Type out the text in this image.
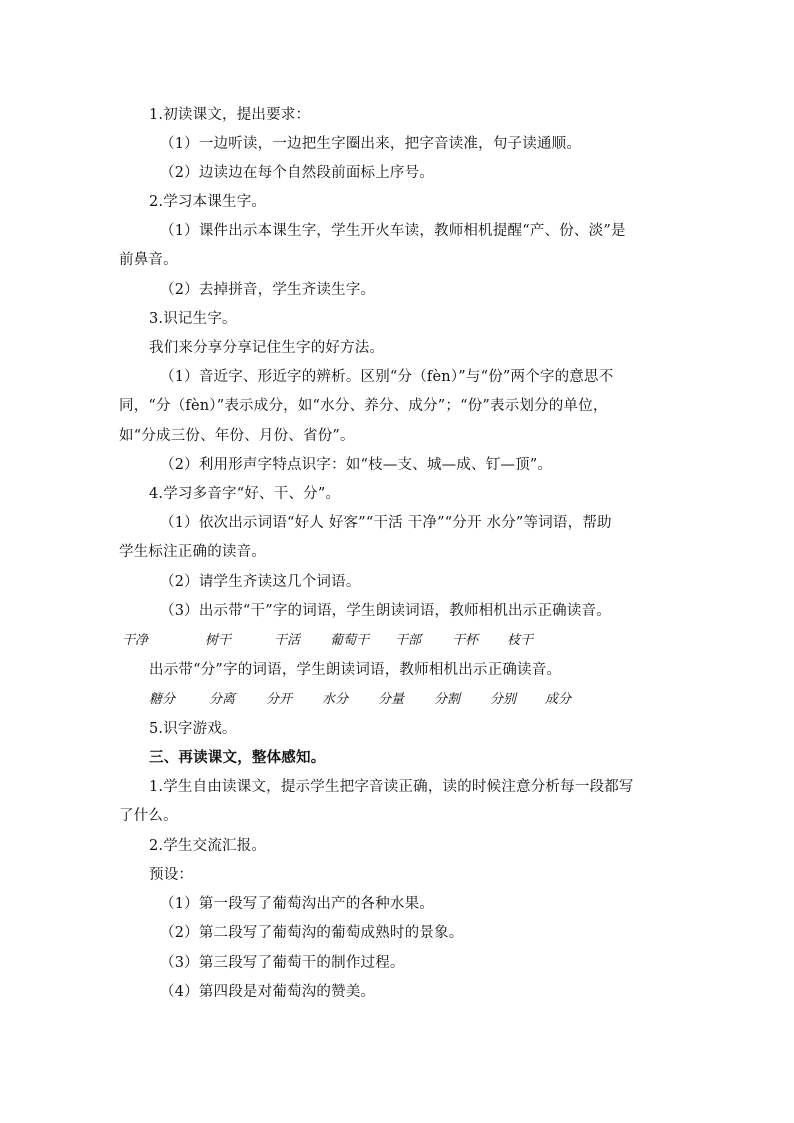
1.初读课文，提出要求：
（1）一边听读，一边把生字圈出来，把字音读准，句子读通顺。
（2）边读边在每个自然段前面标上序号。
2.学习本课生字。
（1）课件出示本课生字，学生开火车读，教师相机提醒“产、份、淡”是
前鼻音。
（2）去掉拼音，学生齐读生字。
3.识记生字。
我们来分享分享记住生字的好方法。
（1）音近字、形近字的辨析。区别“分（fèn）”与“份”两个字的意思不
同，“分（fèn）”表示成分，如“水分、养分、成分”；“份”表示划分的单位，
如“分成三份、年份、月份、省份”。
（2）利用形声字特点识字：如“枝—支、城—成、钉—顶”。
4.学习多音字“好、干、分”。
（1）依次出示词语“好人 好客”“干活 干净”“分开 水分”等词语，帮助
学生标注正确的读音。
（2）请学生齐读这几个词语。
（3）出示带“干”字的词语，学生朗读词语，教师相机出示正确读音。
干净	树干	干活 葡萄干 干部 干杯 枝干
出示带“分”字的词语，学生朗读词语，教师相机出示正确读音。
糖分	分离 分开 水分 分量 分割 分别 成分
5.识字游戏。
三、再读课文，整体感知。
1.学生自由读课文，提示学生把字音读正确，读的时候注意分析每一段都写
了什么。
2.学生交流汇报。
预设：
（1）第一段写了葡萄沟出产的各种水果。
（2）第二段写了葡萄沟的葡萄成熟时的景象。
（3）第三段写了葡萄干的制作过程。
（4）第四段是对葡萄沟的赞美。
